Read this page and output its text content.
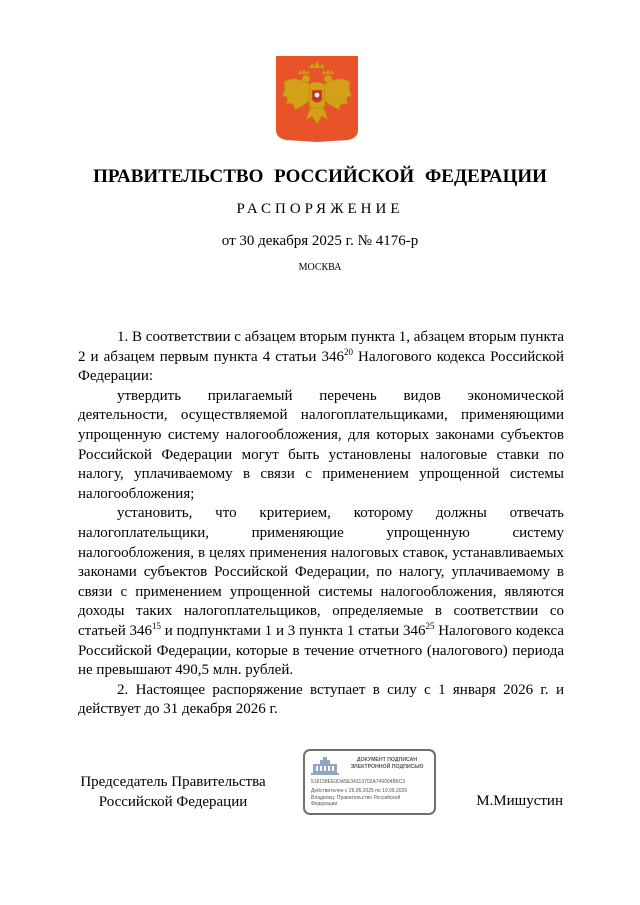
ПРАВИТЕЛЬСТВО РОССИЙСКОЙ ФЕДЕРАЦИИ
РАСПОРЯЖЕНИЕ
от 30 декабря 2025 г. № 4176-р
МОСКВА

1. В соответствии с абзацем вторым пункта 1, абзацем вторым пункта 2 и абзацем первым пункта 4 статьи $346^{20}$ Налогового кодекса Российской Федерации:

утвердить прилагаемый перечень видов экономической деятельности, осуществляемой налогоплательщиками, применяющими упрощенную систему налогообложения, для которых законами субъектов Российской Федерации могут быть установлены налоговые ставки по налогу, уплачиваемому в связи с применением упрощенной системы налогообложения;

установить, что критерием, которому должны отвечать налогоплательщики, применяющие упрощенную систему налогообложения, в целях применения налоговых ставок, устанавливаемых законами субъектов Российской Федерации, по налогу, уплачиваемому в связи с применением упрощенной системы налогообложения, являются доходы таких налогоплательщиков, определяемые в соответствии со статьей $346^{15}$ и подпунктами 1 и 3 пункта 1 статьи $346^{25}$ Налогового кодекса Российской Федерации, которые в течение отчетного (налогового) периода не превышают 490,5 млн. рублей.

2. Настоящее распоряжение вступает в силу с 1 января 2026 г. и действует до 31 декабря 2026 г.

Председатель Правительства
Российской Федерации
ДОКУМЕНТ ПОДПИСАН
ЭЛЕКТРОННОЙ ПОДПИСЬЮ
518158EE0DA5E34313702A749004B6C3
Действителен с 26.06.2025 по 19.09.2026
Владелец: Правительство Российской
Федерации	М.Мишустин
